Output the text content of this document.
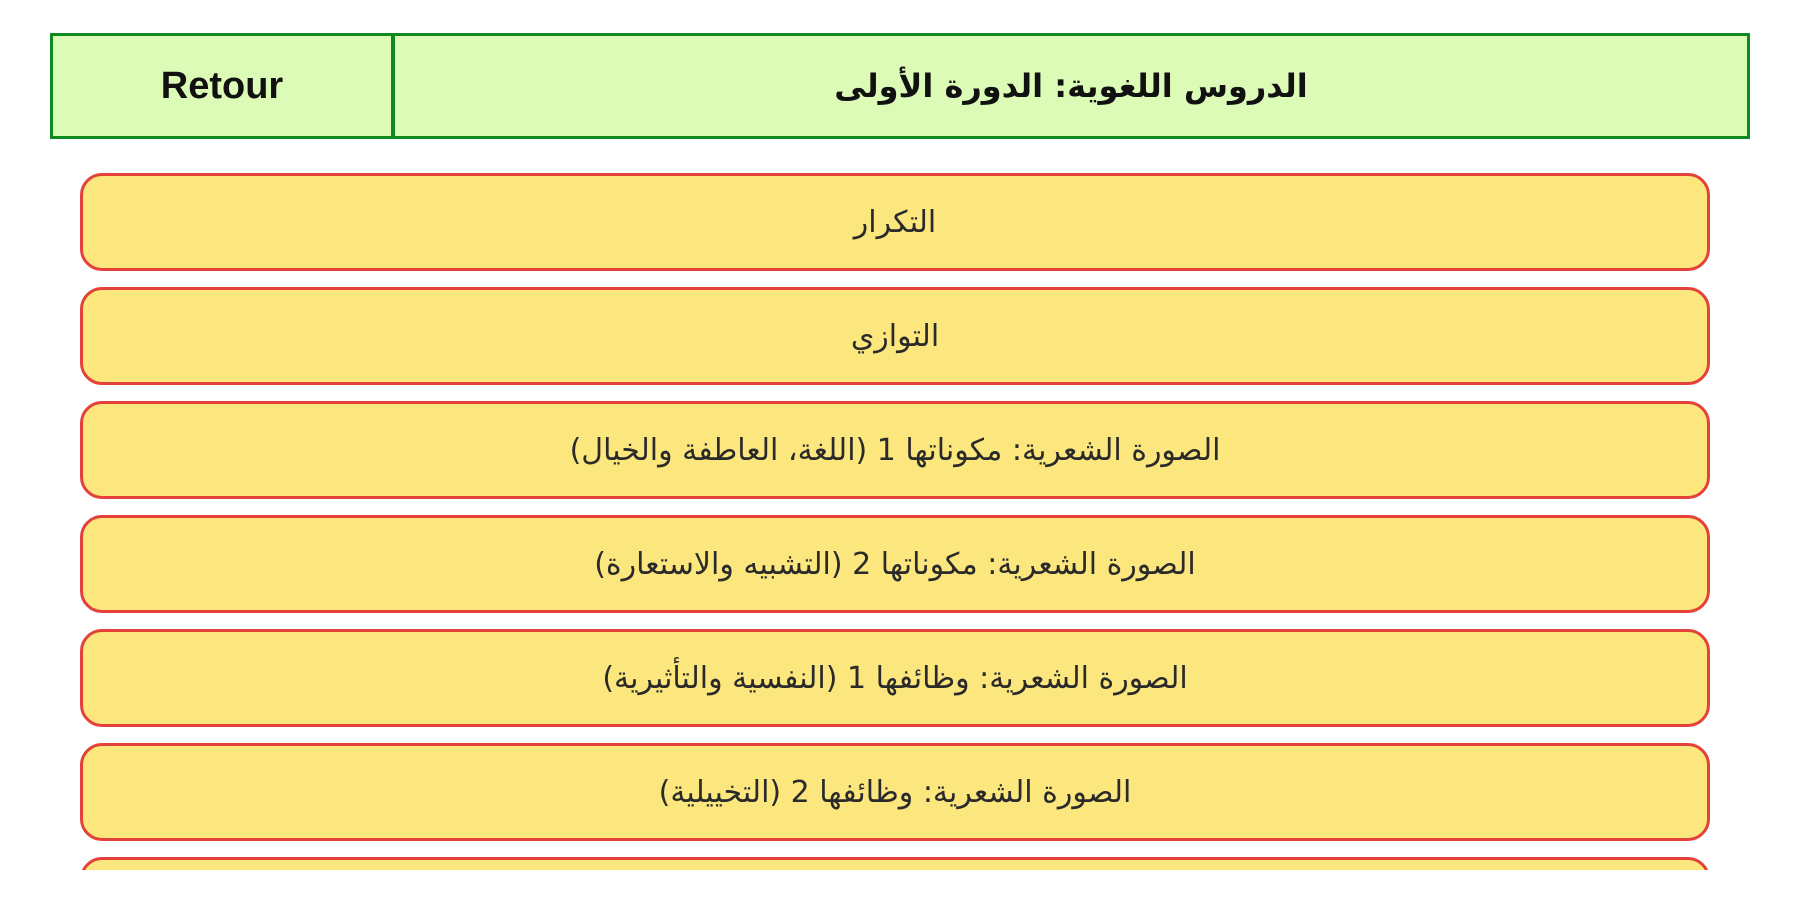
Retour	الدروس اللغوية: الدورة الأولى
التكرار
التوازي
الصورة الشعرية: مكوناتها 1 (اللغة، العاطفة والخيال)
الصورة الشعرية: مكوناتها 2 (التشبيه والاستعارة)
الصورة الشعرية: وظائفها 1 (النفسية والتأثيرية)
الصورة الشعرية: وظائفها 2 (التخييلية)
